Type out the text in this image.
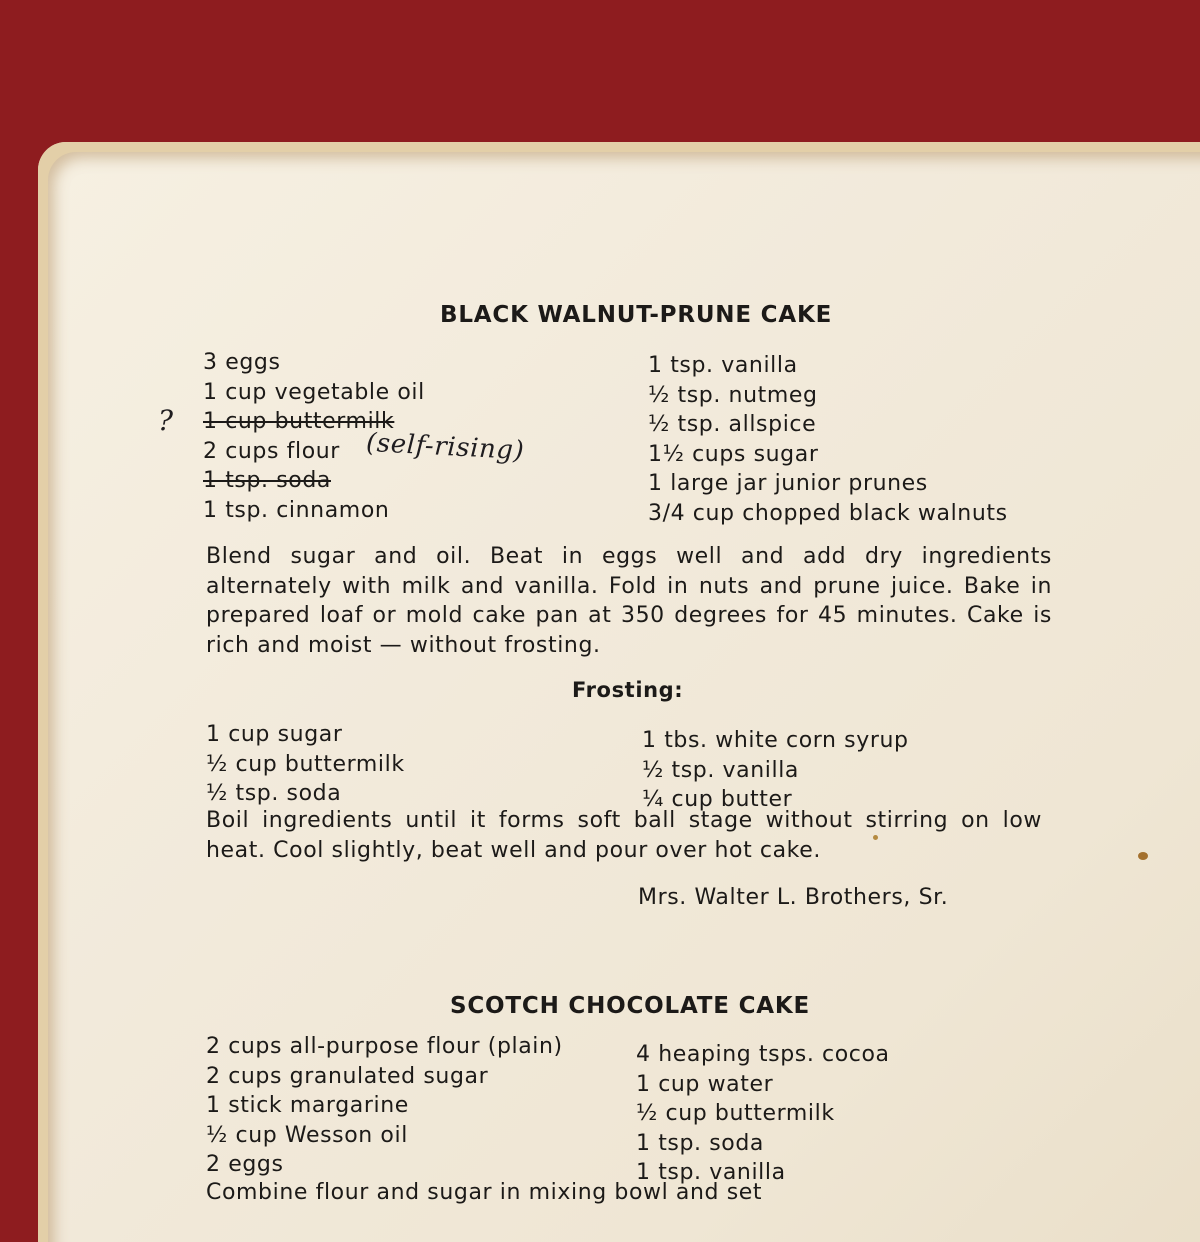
BLACK WALNUT-PRUNE CAKE
3 eggs
1 cup vegetable oil
1 cup buttermilk
2 cups flour
1 tsp. soda
1 tsp. cinnamon
1 tsp. vanilla
½ tsp. nutmeg
½ tsp. allspice
1½ cups sugar
1 large jar junior prunes
3/4 cup chopped black walnuts
?
(self-rising)
Blend sugar and oil. Beat in eggs well and add dry ingredients alternately with milk and vanilla. Fold in nuts and prune juice. Bake in prepared loaf or mold cake pan at 350 degrees for 45 minutes. Cake is rich and moist — without frosting.
Frosting:
1 cup sugar
½ cup buttermilk
½ tsp. soda
1 tbs. white corn syrup
½ tsp. vanilla
¼ cup butter
Boil ingredients until it forms soft ball stage without stirring on low heat. Cool slightly, beat well and pour over hot cake.
Mrs. Walter L. Brothers, Sr.
SCOTCH CHOCOLATE CAKE
2 cups all-purpose flour (plain)
2 cups granulated sugar
1 stick margarine
½ cup Wesson oil
2 eggs
4 heaping tsps. cocoa
1 cup water
½ cup buttermilk
1 tsp. soda
1 tsp. vanilla
Combine flour and sugar in mixing bowl and set
